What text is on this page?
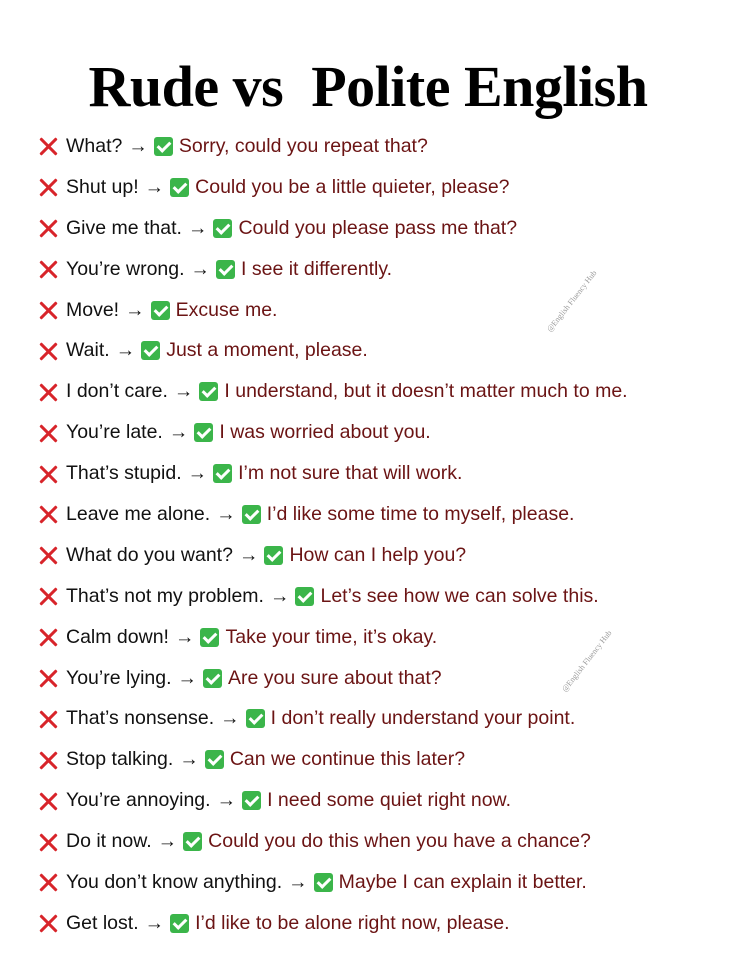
Rude vs  Polite English
What? → Sorry, could you repeat that?
Shut up! → Could you be a little quieter, please?
Give me that. → Could you please pass me that?
You’re wrong. → I see it differently.
Move! → Excuse me.
Wait. → Just a moment, please.
I don’t care. → I understand, but it doesn’t matter much to me.
You’re late. → I was worried about you.
That’s stupid. → I’m not sure that will work.
Leave me alone. → I’d like some time to myself, please.
What do you want? → How can I help you?
That’s not my problem. → Let’s see how we can solve this.
Calm down! → Take your time, it’s okay.
You’re lying. → Are you sure about that?
That’s nonsense. → I don’t really understand your point.
Stop talking. → Can we continue this later?
You’re annoying. → I need some quiet right now.
Do it now. → Could you do this when you have a chance?
You don’t know anything. → Maybe I can explain it better.
Get lost. → I’d like to be alone right now, please.
@English Fluency Hub
@English Fluency Hub
